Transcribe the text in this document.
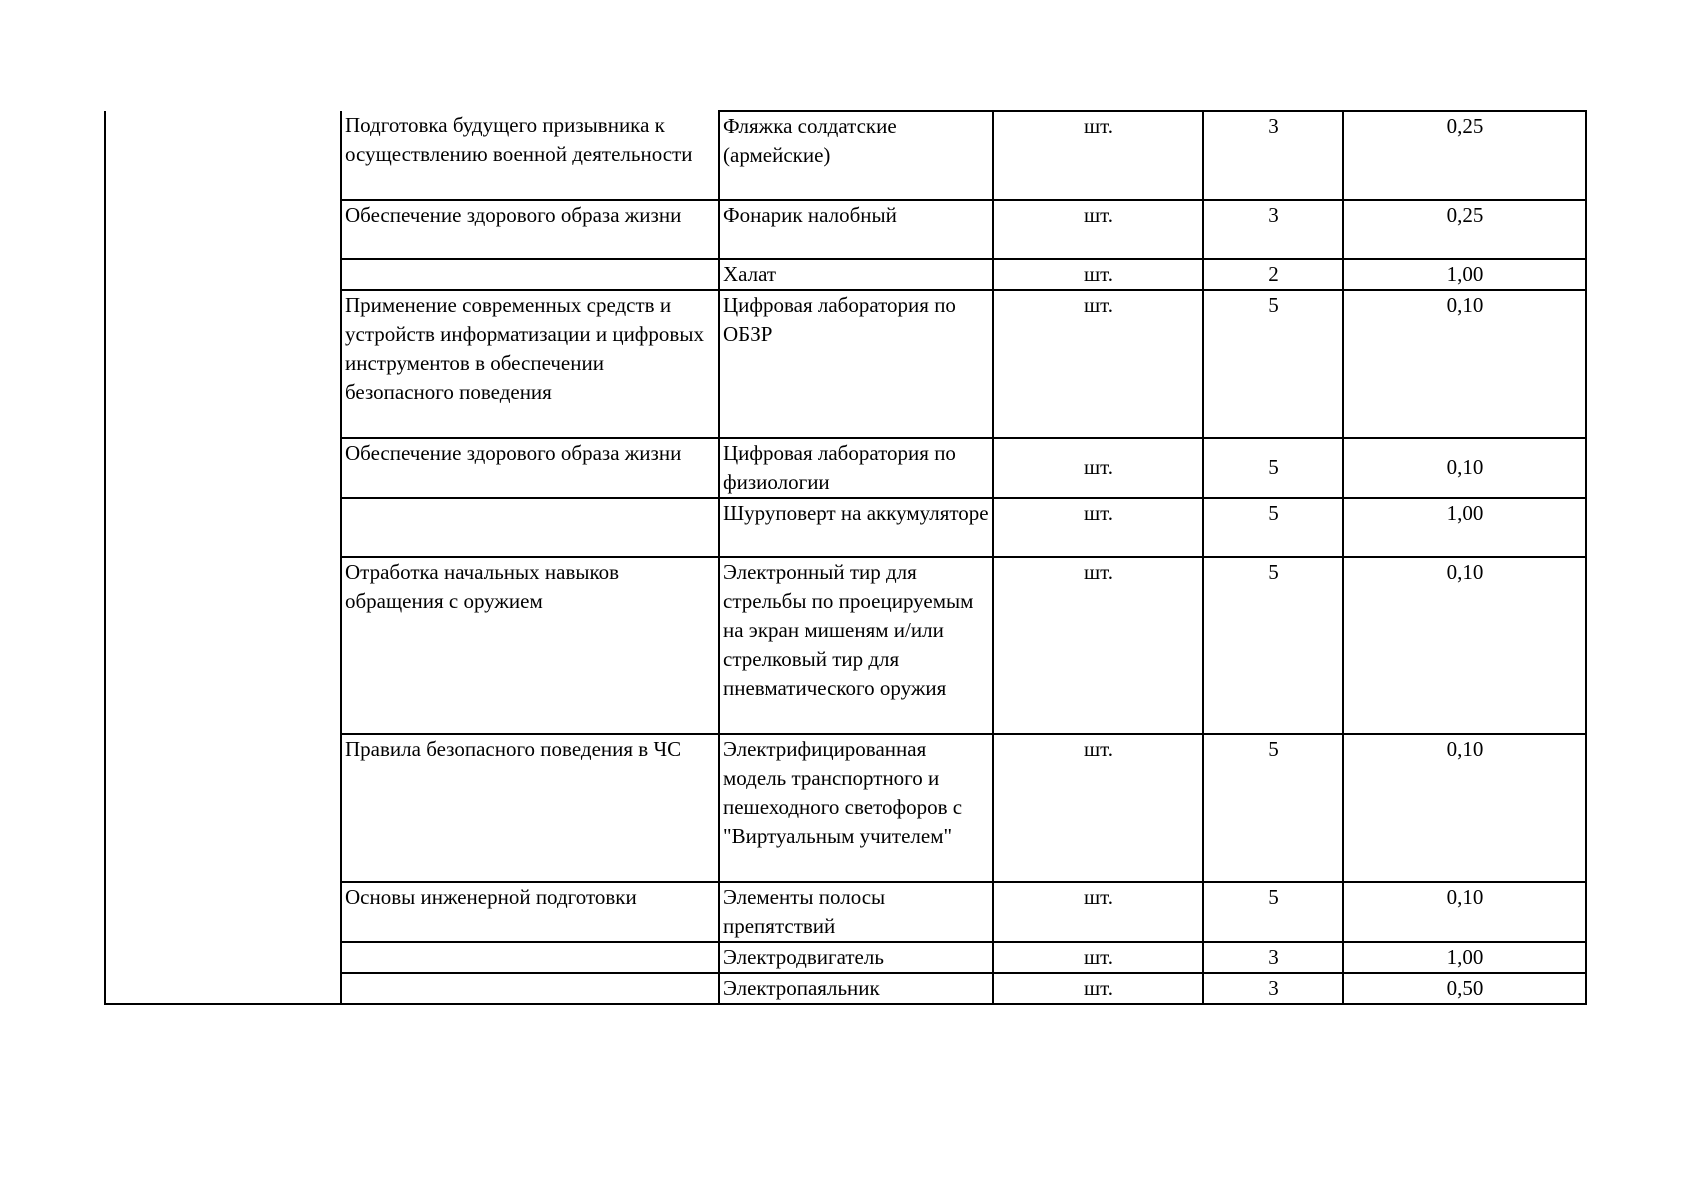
	Подготовка будущего призывника к осуществлению военной деятельности	Фляжка солдатские (армейские)	шт.	3	0,25
	Обеспечение здорового образа жизни	Фонарик налобный	шт.	3	0,25
		Халат	шт.	2	1,00
	Применение современных средств и устройств информатизации и цифровых инструментов в обеспечении безопасного поведения	Цифровая лаборатория по ОБЗР	шт.	5	0,10
	Обеспечение здорового образа жизни	Цифровая лаборатория по физиологии	шт.	5	0,10
		Шуруповерт на аккумуляторе	шт.	5	1,00
	Отработка начальных навыков обращения с оружием	Электронный тир для стрельбы по проецируемым на экран мишеням и/или стрелковый тир для пневматического оружия	шт.	5	0,10
	Правила безопасного поведения в ЧС	Электрифицированная модель транспортного и пешеходного светофоров с "Виртуальным учителем"	шт.	5	0,10
	Основы инженерной подготовки	Элементы полосы препятствий	шт.	5	0,10
		Электродвигатель	шт.	3	1,00
		Электропаяльник	шт.	3	0,50
